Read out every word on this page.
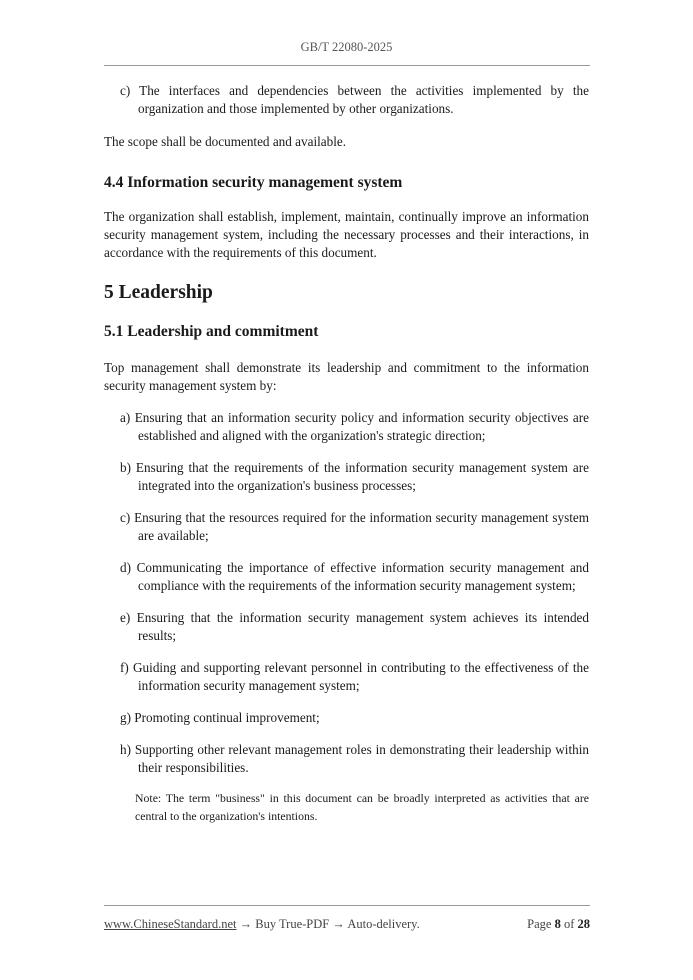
GB/T 22080-2025

c) The interfaces and dependencies between the activities implemented by the organization and those implemented by other organizations.

The scope shall be documented and available.

4.4 Information security management system

The organization shall establish, implement, maintain, continually improve an information security management system, including the necessary processes and their interactions, in accordance with the requirements of this document.

5 Leadership

5.1 Leadership and commitment

Top management shall demonstrate its leadership and commitment to the information security management system by:

a) Ensuring that an information security policy and information security objectives are established and aligned with the organization's strategic direction;

b) Ensuring that the requirements of the information security management system are integrated into the organization's business processes;

c) Ensuring that the resources required for the information security management system are available;

d) Communicating the importance of effective information security management and compliance with the requirements of the information security management system;

e) Ensuring that the information security management system achieves its intended results;

f) Guiding and supporting relevant personnel in contributing to the effectiveness of the information security management system;

g) Promoting continual improvement;

h) Supporting other relevant management roles in demonstrating their leadership within their responsibilities.

Note: The term "business" in this document can be broadly interpreted as activities that are central to the organization's intentions.

www.ChineseStandard.net → Buy True-PDF → Auto-delivery.	Page 8 of 28
